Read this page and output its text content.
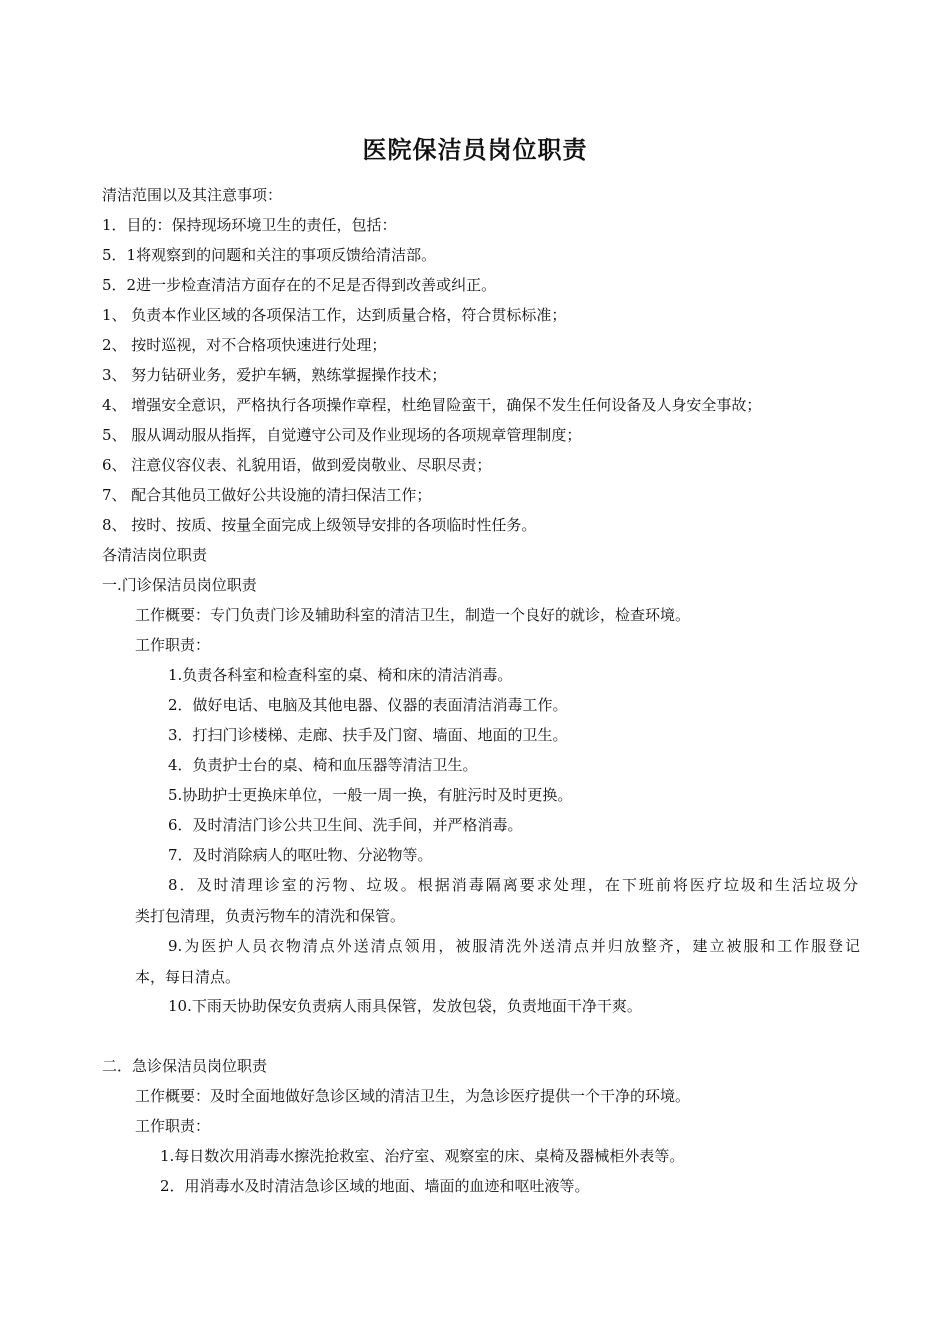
医院保洁员岗位职责
清洁范围以及其注意事项：
1．目的：保持现场环境卫生的责任，包括：
5．1将观察到的问题和关注的事项反馈给清洁部。
5．2进一步检查清洁方面存在的不足是否得到改善或纠正。
1、 负责本作业区域的各项保洁工作，达到质量合格，符合贯标标准；
2、 按时巡视，对不合格项快速进行处理；
3、 努力钻研业务，爱护车辆，熟练掌握操作技术；
4、 增强安全意识，严格执行各项操作章程，杜绝冒险蛮干，确保不发生任何设备及人身安全事故；
5、 服从调动服从指挥，自觉遵守公司及作业现场的各项规章管理制度；
6、 注意仪容仪表、礼貌用语，做到爱岗敬业、尽职尽责；
7、 配合其他员工做好公共设施的清扫保洁工作；
8、 按时、按质、按量全面完成上级领导安排的各项临时性任务。
各清洁岗位职责
一.门诊保洁员岗位职责
工作概要：专门负责门诊及辅助科室的清洁卫生，制造一个良好的就诊，检查环境。
工作职责：
1.负责各科室和检查科室的桌、椅和床的清洁消毒。
2．做好电话、电脑及其他电器、仪器的表面清洁消毒工作。
3．打扫门诊楼梯、走廊、扶手及门窗、墙面、地面的卫生。
4．负责护士台的桌、椅和血压器等清洁卫生。
5.协助护士更换床单位，一般一周一换，有脏污时及时更换。
6．及时清洁门诊公共卫生间、洗手间，并严格消毒。
7．及时消除病人的呕吐物、分泌物等。
8．及时清理诊室的污物、垃圾。根据消毒隔离要求处理，在下班前将医疗垃圾和生活垃圾分
类打包清理，负责污物车的清洗和保管。
9.为医护人员衣物清点外送清点领用，被服清洗外送清点并归放整齐，建立被服和工作服登记
本，每日清点。
10.下雨天协助保安负责病人雨具保管，发放包袋，负责地面干净干爽。
二．急诊保洁员岗位职责
工作概要：及时全面地做好急诊区域的清洁卫生，为急诊医疗提供一个干净的环境。
工作职责：
1.每日数次用消毒水擦洗抢救室、治疗室、观察室的床、桌椅及器械柜外表等。
2．用消毒水及时清洁急诊区域的地面、墙面的血迹和呕吐液等。
